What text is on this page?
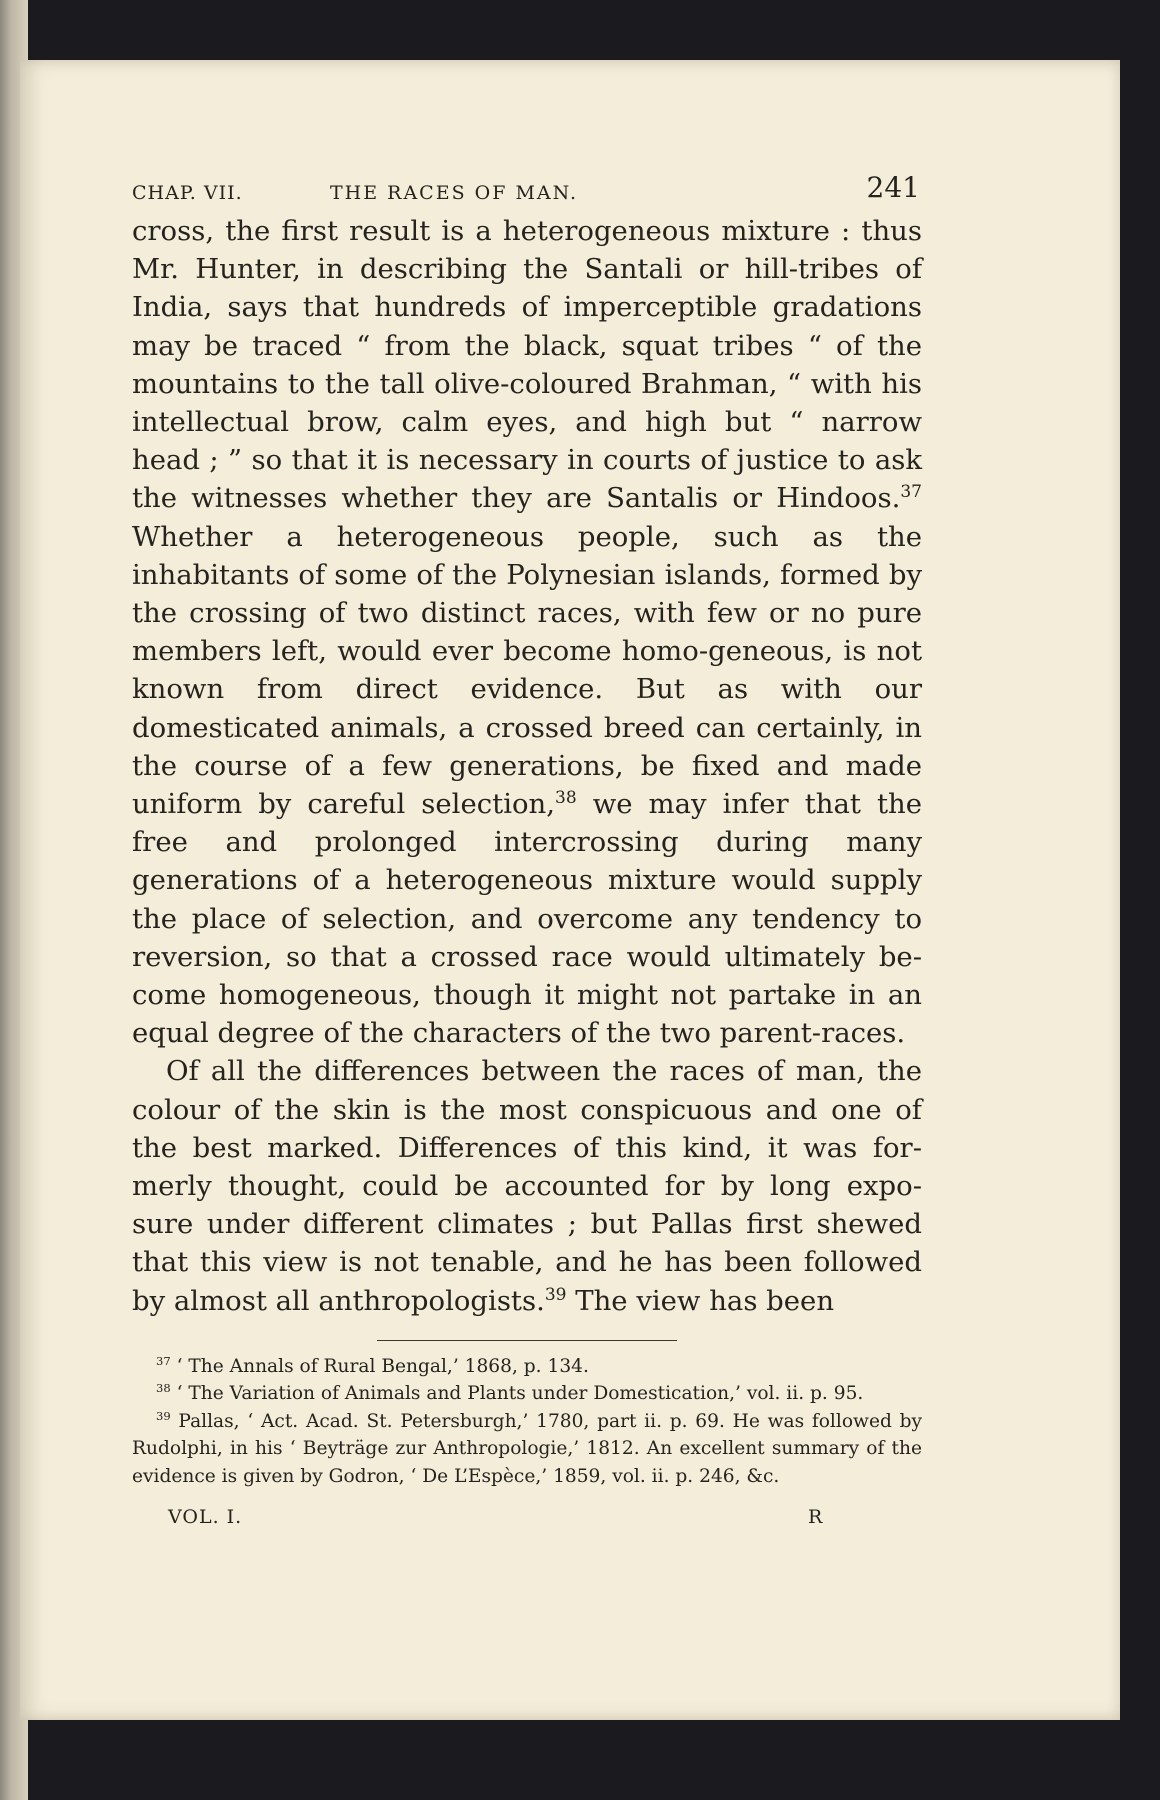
CHAP. VII.	THE RACES OF MAN.	241

cross, the first result is a heterogeneous mixture : thus Mr. Hunter, in describing the Santali or hill-tribes of India, says that hundreds of imperceptible gradations may be traced “ from the black, squat tribes “ of the mountains to the tall olive-coloured Brahman, “ with his intellectual brow, calm eyes, and high but “ narrow head ; ” so that it is necessary in courts of justice to ask the witnesses whether they are Santalis or Hindoos.$^{37}$ Whether a heterogeneous people, such as the inhabitants of some of the Polynesian islands, formed by the crossing of two distinct races, with few or no pure members left, would ever become homo-geneous, is not known from direct evidence. But as with our domesticated animals, a crossed breed can certainly, in the course of a few generations, be fixed and made uniform by careful selection,$^{38}$ we may infer that the free and prolonged intercrossing during many generations of a heterogeneous mixture would supply the place of selection, and overcome any tendency to reversion, so that a crossed race would ultimately be-come homogeneous, though it might not partake in an equal degree of the characters of the two parent-races.

Of all the differences between the races of man, the colour of the skin is the most conspicuous and one of the best marked. Differences of this kind, it was for-merly thought, could be accounted for by long expo-sure under different climates ; but Pallas first shewed that this view is not tenable, and he has been followed by almost all anthropologists.$^{39}$ The view has been

$^{37}$ ‘ The Annals of Rural Bengal,’ 1868, p. 134.

$^{38}$ ‘ The Variation of Animals and Plants under Domestication,’ vol. ii. p. 95.

$^{39}$ Pallas, ‘ Act. Acad. St. Petersburgh,’ 1780, part ii. p. 69. He was followed by Rudolphi, in his ‘ Beyträge zur Anthropologie,’ 1812. An excellent summary of the evidence is given by Godron, ‘ De L’Espèce,’ 1859, vol. ii. p. 246, &c.

VOL. I.	R
